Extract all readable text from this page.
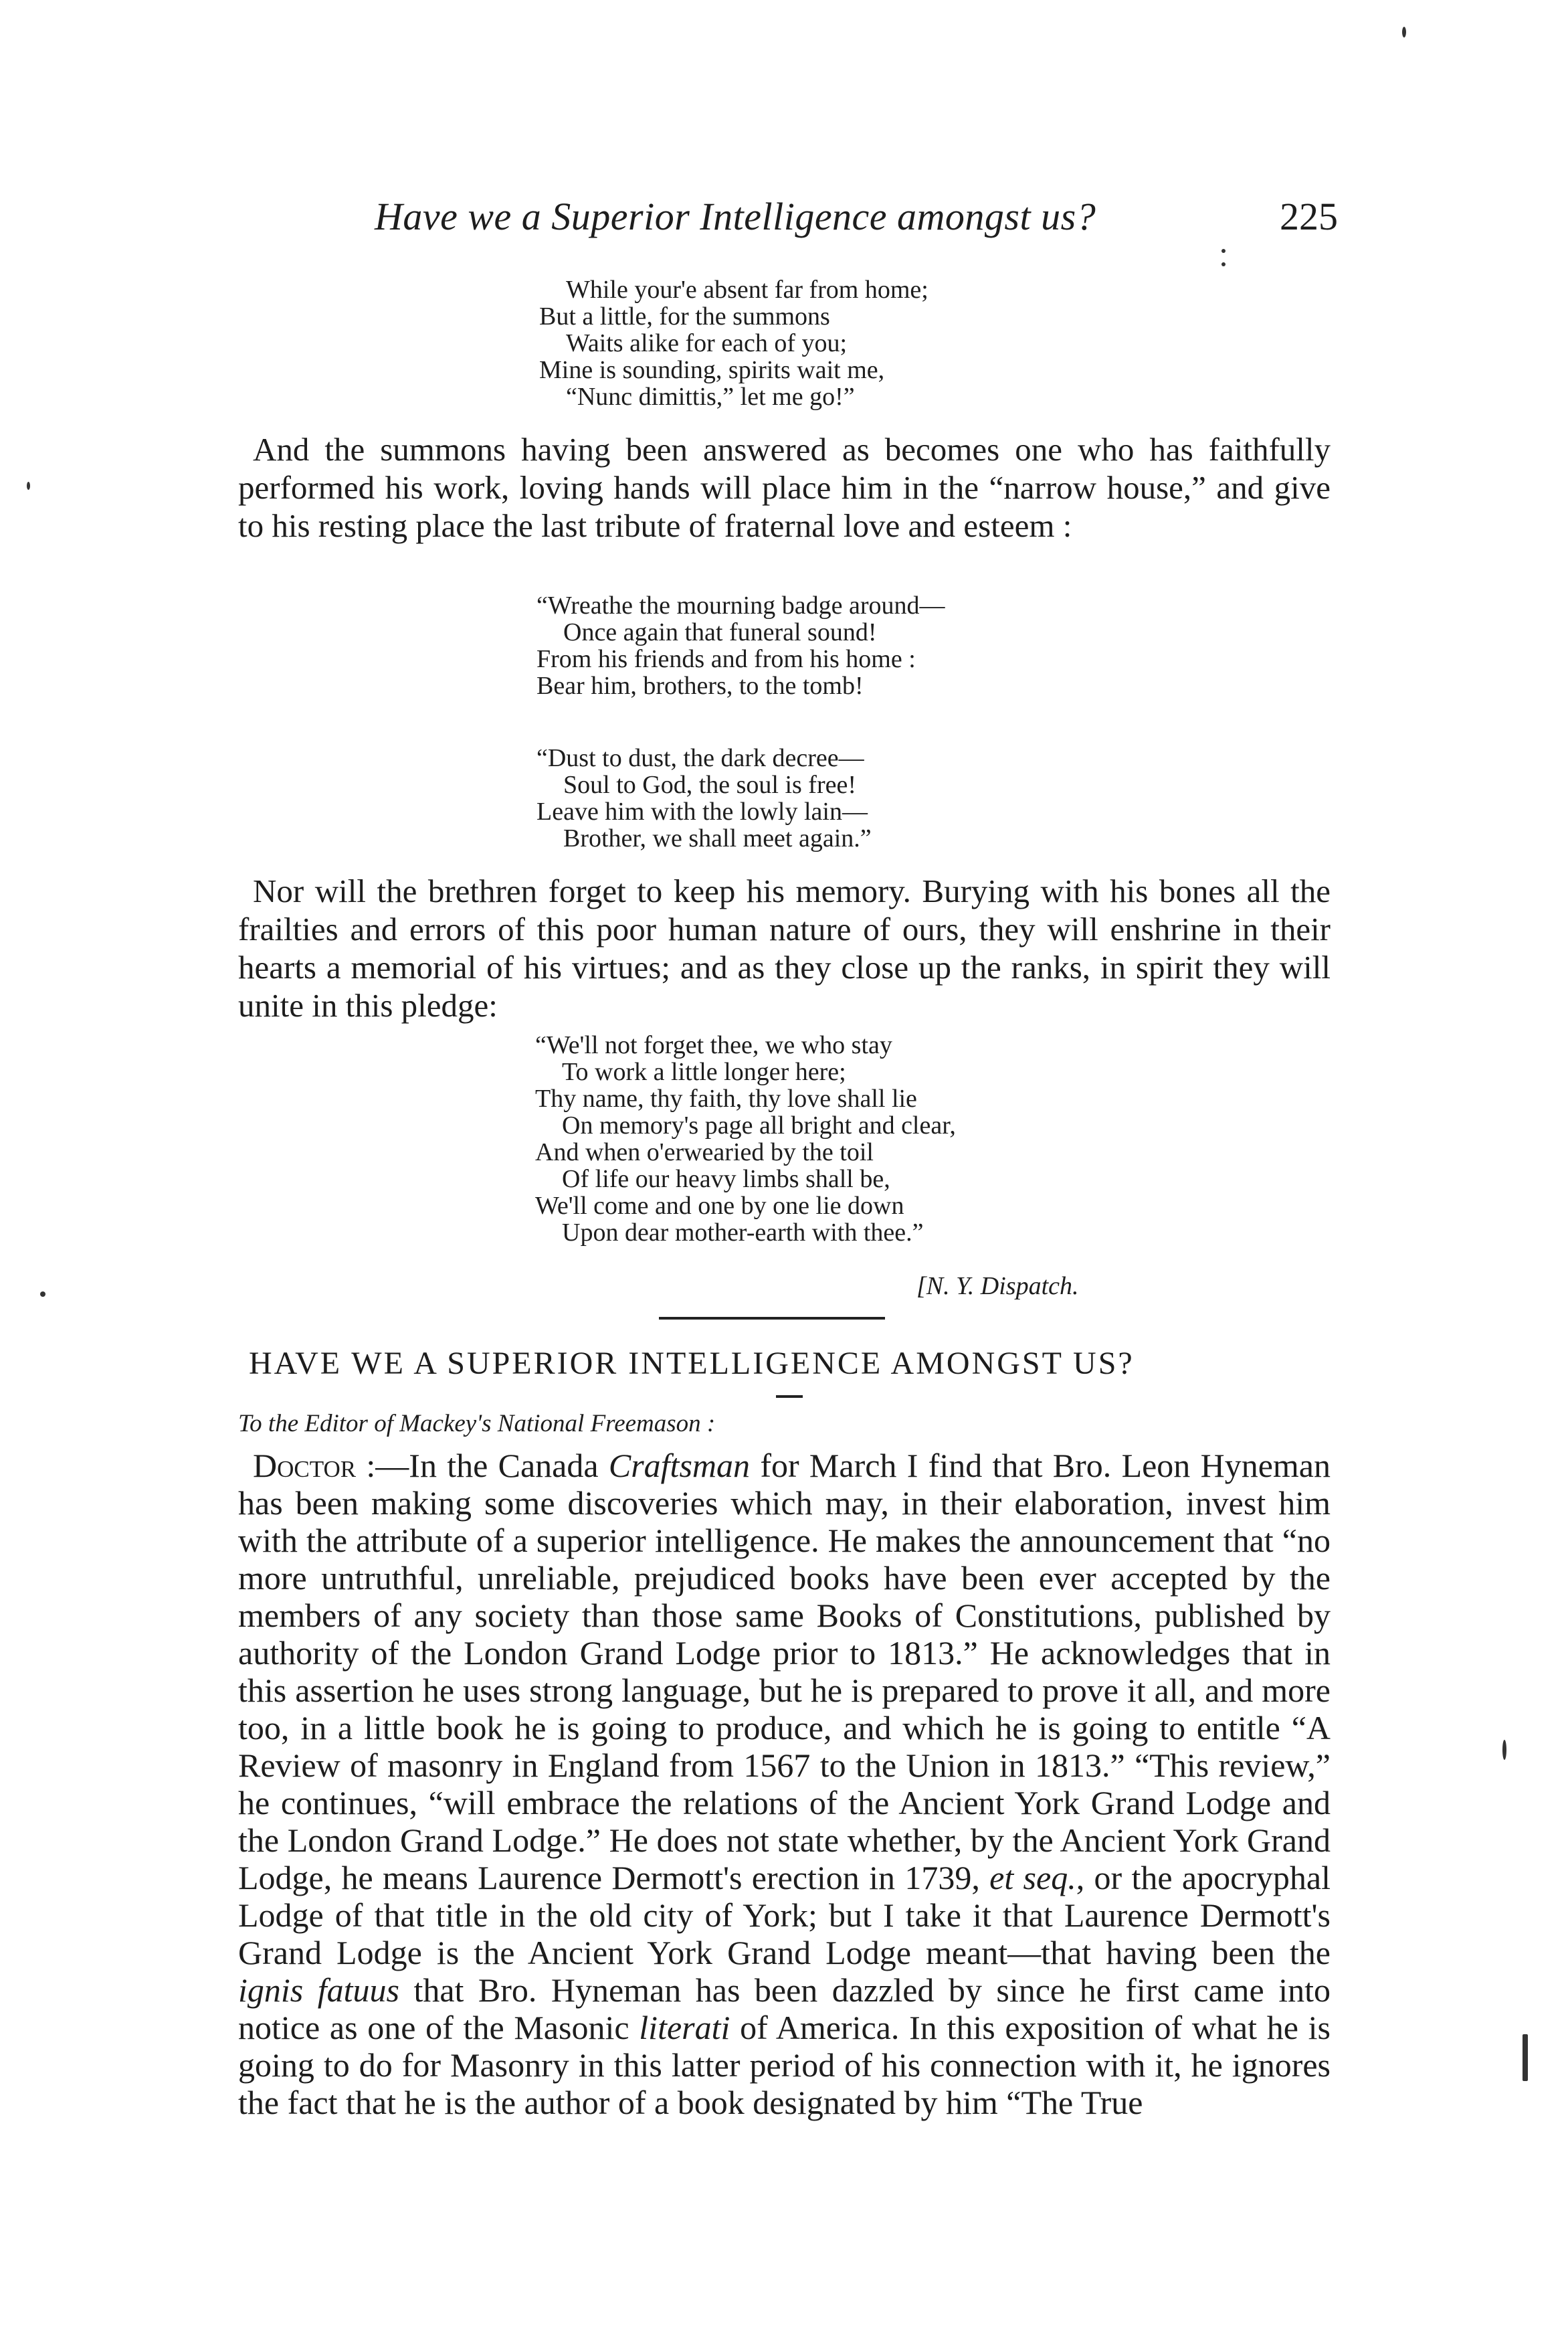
Have we a Superior Intelligence amongst us?	225
While your'e absent far from home;
But a little, for the summons
Waits alike for each of you;
Mine is sounding, spirits wait me,
“Nunc dimittis,” let me go!”
And the summons having been answered as becomes one who has faithfully performed his work, loving hands will place him in the “narrow house,” and give to his resting place the last tribute of fraternal love and esteem :
“Wreathe the mourning badge around—
Once again that funeral sound!
From his friends and from his home :
Bear him, brothers, to the tomb!
“Dust to dust, the dark decree—
Soul to God, the soul is free!
Leave him with the lowly lain—
Brother, we shall meet again.”
Nor will the brethren forget to keep his memory. Burying with his bones all the frailties and errors of this poor human nature of ours, they will enshrine in their hearts a memorial of his virtues; and as they close up the ranks, in spirit they will unite in this pledge:
“We'll not forget thee, we who stay
To work a little longer here;
Thy name, thy faith, thy love shall lie
On memory's page all bright and clear,
And when o'erwearied by the toil
Of life our heavy limbs shall be,
We'll come and one by one lie down
Upon dear mother-earth with thee.”
[N. Y. Dispatch.
HAVE WE A SUPERIOR INTELLIGENCE AMONGST US?
To the Editor of Mackey's National Freemason :
Doctor :—In the Canada Craftsman for March I find that Bro. Leon Hyneman has been making some discoveries which may, in their elaboration, invest him with the attribute of a superior intelligence. He makes the announcement that “no more untruthful, unreliable, prejudiced books have been ever accepted by the members of any society than those same Books of Constitutions, published by authority of the London Grand Lodge prior to 1813.” He acknowledges that in this assertion he uses strong language, but he is prepared to prove it all, and more too, in a little book he is going to produce, and which he is going to entitle “A Review of masonry in England from 1567 to the Union in 1813.” “This review,” he continues, “will embrace the relations of the Ancient York Grand Lodge and the London Grand Lodge.” He does not state whether, by the Ancient York Grand Lodge, he means Laurence Dermott's erection in 1739, et seq., or the apocryphal Lodge of that title in the old city of York; but I take it that Laurence Dermott's Grand Lodge is the Ancient York Grand Lodge meant—that having been the ignis fatuus that Bro. Hyneman has been dazzled by since he first came into notice as one of the Masonic literati of America. In this exposition of what he is going to do for Masonry in this latter period of his connection with it, he ignores the fact that he is the author of a book designated by him “The True
